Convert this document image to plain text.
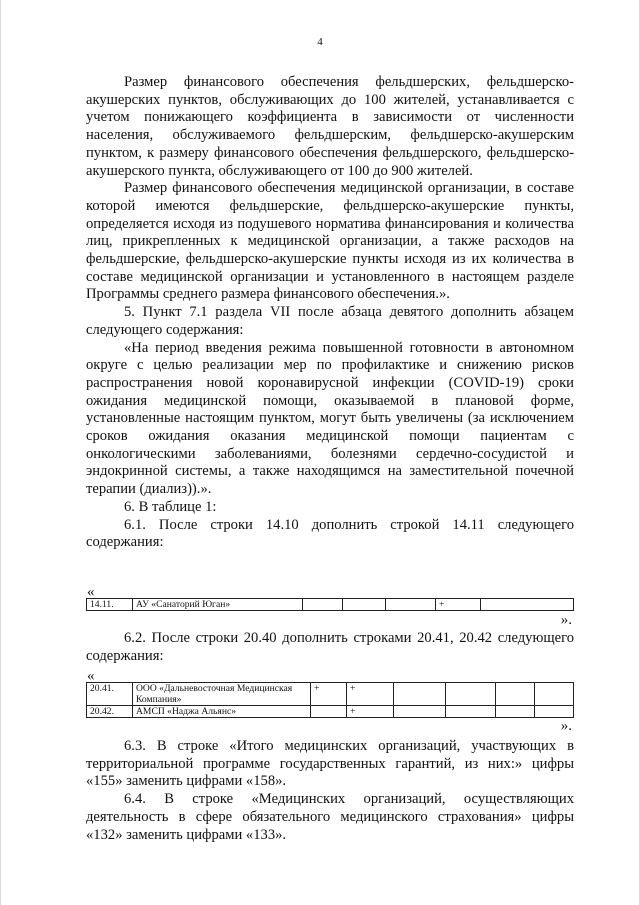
4

Размер финансового обеспечения фельдшерских, фельдшерско-акушерских пунктов, обслуживающих до 100 жителей, устанавливается с учетом понижающего коэффициента в зависимости от численности населения, обслуживаемого фельдшерским, фельдшерско-акушерским пунктом, к размеру финансового обеспечения фельдшерского, фельдшерско-акушерского пункта, обслуживающего от 100 до 900 жителей.

Размер финансового обеспечения медицинской организации, в составе которой имеются фельдшерские, фельдшерско-акушерские пункты, определяется исходя из подушевого норматива финансирования и количества лиц, прикрепленных к медицинской организации, а также расходов на фельдшерские, фельдшерско-акушерские пункты исходя из их количества в составе медицинской организации и установленного в настоящем разделе Программы среднего размера финансового обеспечения.».

5. Пункт 7.1 раздела VII после абзаца девятого дополнить абзацем следующего содержания:

«На период введения режима повышенной готовности в автономном округе с целью реализации мер по профилактике и снижению рисков распространения новой коронавирусной инфекции (COVID-19) сроки ожидания медицинской помощи, оказываемой в плановой форме, установленные настоящим пунктом, могут быть увеличены (за исключением сроков ожидания оказания медицинской помощи пациентам с онкологическими заболеваниями, болезнями сердечно-сосудистой и эндокринной системы, а также находящимся на заместительной почечной терапии (диализ)).».

6. В таблице 1:

6.1. После строки 14.10 дополнить строкой 14.11 следующего содержания:

«
14.11.	АУ «Санаторий Юган»				+	
».

6.2. После строки 20.40 дополнить строками 20.41, 20.42 следующего содержания:

«
20.41.	ООО «Дальневосточная Медицинская Компания»	+	+				
20.42.	АМСП «Наджа Альянс»		+				
».

6.3. В строке «Итого медицинских организаций, участвующих в территориальной программе государственных гарантий, из них:» цифры «155» заменить цифрами «158».

6.4. В строке «Медицинских организаций, осуществляющих деятельность в сфере обязательного медицинского страхования» цифры «132» заменить цифрами «133».
